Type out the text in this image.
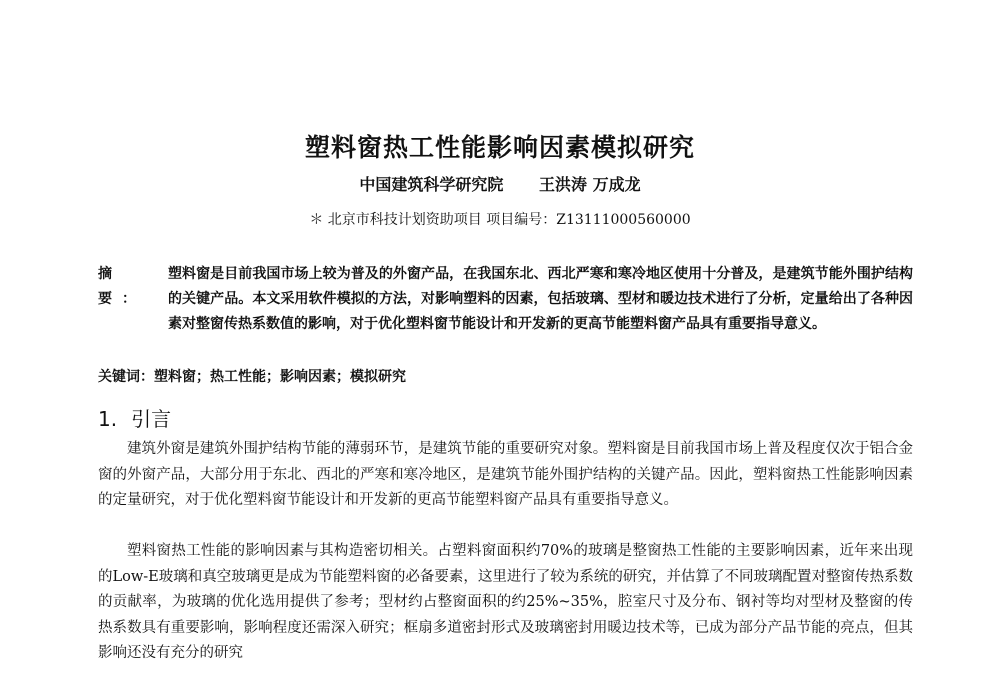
塑料窗热工性能影响因素模拟研究
中国建筑科学研究院 王洪涛 万成龙
＊ 北京市科技计划资助项目 项目编号：Z13111000560000
摘 要：
塑料窗是目前我国市场上较为普及的外窗产品，在我国东北、西北严寒和寒冷地区使用十分普及，是建筑节能外围护结构的关键产品。本文采用软件模拟的方法，对影响塑料的因素，包括玻璃、型材和暖边技术进行了分析，定量给出了各种因素对整窗传热系数值的影响，对于优化塑料窗节能设计和开发新的更高节能塑料窗产品具有重要指导意义。
关键词：塑料窗；热工性能；影响因素；模拟研究
1. 引言

建筑外窗是建筑外围护结构节能的薄弱环节，是建筑节能的重要研究对象。塑料窗是目前我国市场上普及程度仅次于铝合金窗的外窗产品，大部分用于东北、西北的严寒和寒冷地区，是建筑节能外围护结构的关键产品。因此，塑料窗热工性能影响因素的定量研究，对于优化塑料窗节能设计和开发新的更高节能塑料窗产品具有重要指导意义。

塑料窗热工性能的影响因素与其构造密切相关。占塑料窗面积约70%的玻璃是整窗热工性能的主要影响因素，近年来出现的Low-E玻璃和真空玻璃更是成为节能塑料窗的必备要素，这里进行了较为系统的研究，并估算了不同玻璃配置对整窗传热系数的贡献率，为玻璃的优化选用提供了参考；型材约占整窗面积的约25%~35%，腔室尺寸及分布、钢衬等均对型材及整窗的传热系数具有重要影响，影响程度还需深入研究；框扇多道密封形式及玻璃密封用暖边技术等，已成为部分产品节能的亮点，但其影响还没有充分的研究
